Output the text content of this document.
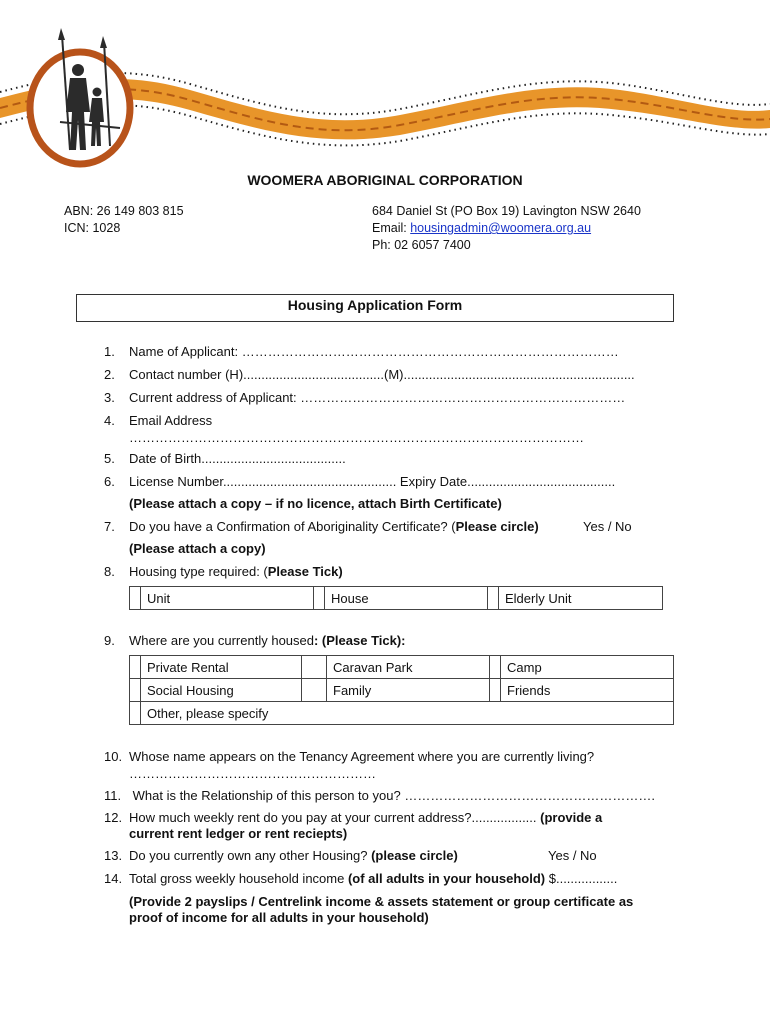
WOOMERA ABORIGINAL CORPORATION
ABN: 26 149 803 815
ICN: 1028
684 Daniel St (PO Box 19) Lavington NSW 2640
Email: housingadmin@woomera.org.au
Ph: 02 6057 7400
Housing Application Form
1. Name of Applicant: ……………………………………………………………………………
2. Contact number (H).......................................(M)................................................................
3. Current address of Applicant: …………………………………………………………………
4. Email Address
……………………………………………………………………………………………
5. Date of Birth........................................
6. License Number................................................ Expiry Date.........................................
(Please attach a copy – if no licence, attach Birth Certificate)
7. Do you have a Confirmation of Aboriginality Certificate? (Please circle)	Yes / No
(Please attach a copy)
8. Housing type required: (Please Tick)
	Unit		House		Elderly Unit
9. Where are you currently housed: (Please Tick):
	Private Rental		Caravan Park		Camp
	Social Housing		Family		Friends
	Other, please specify				
10. Whose name appears on the Tenancy Agreement where you are currently living?
…………………………………………………
11. What is the Relationship of this person to you? ………………………………………………….
12. How much weekly rent do you pay at your current address?.................. (provide a
current rent ledger or rent reciepts)
13. Do you currently own any other Housing? (please circle)	Yes / No
14. Total gross weekly household income (of all adults in your household) $.................
(Provide 2 payslips / Centrelink income & assets statement or group certificate as
proof of income for all adults in your household)
